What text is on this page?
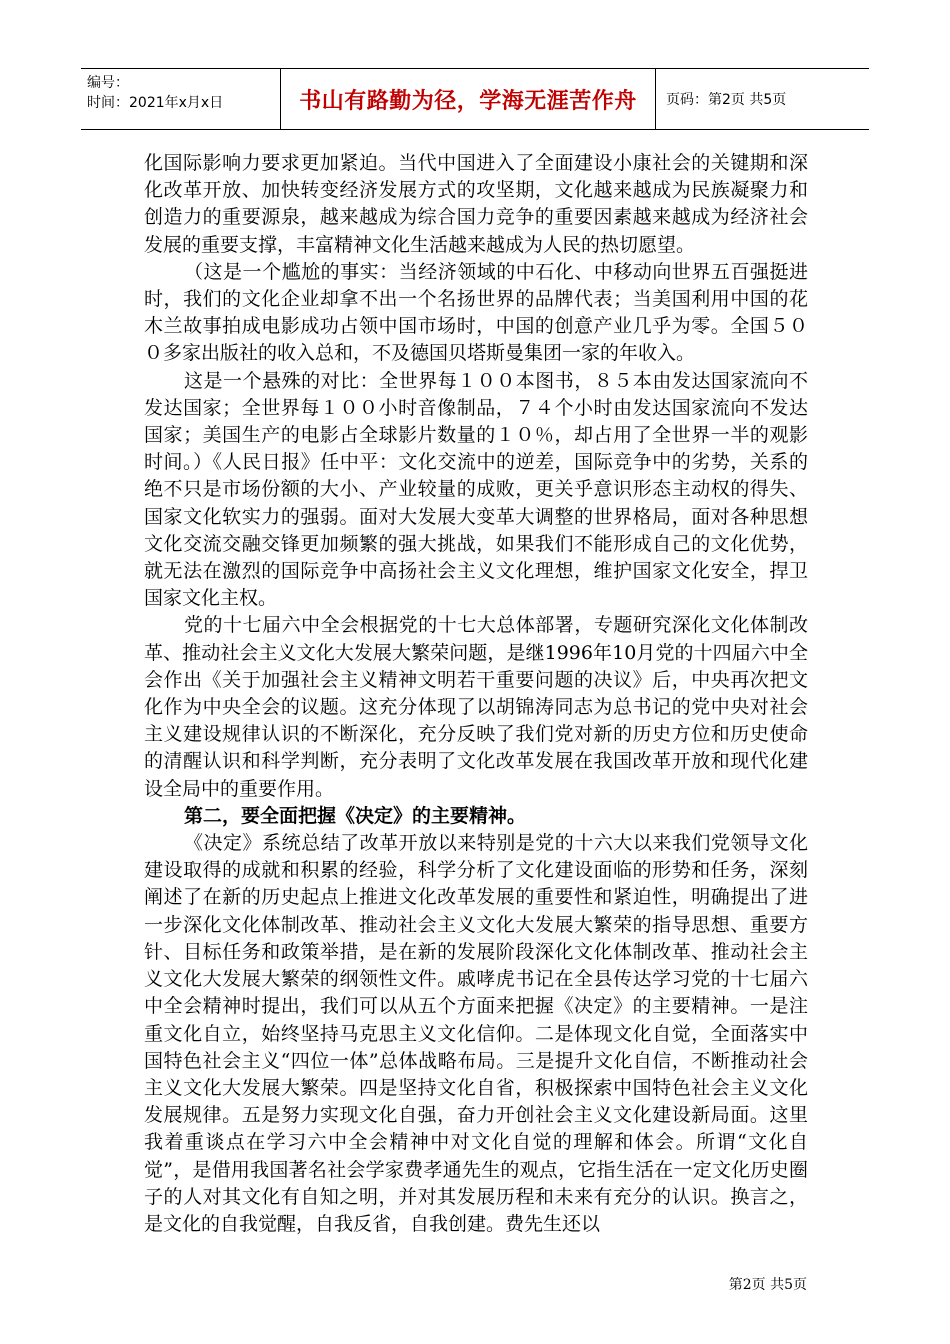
编号：
时间：2021年x月x日	书山有路勤为径，学海无涯苦作舟 页码：第2页 共5页

化国际影响力要求更加紧迫。当代中国进入了全面建设小康社会的关键期和深化改革开放、加快转变经济发展方式的攻坚期，文化越来越成为民族凝聚力和创造力的重要源泉，越来越成为综合国力竞争的重要因素越来越成为经济社会发展的重要支撑，丰富精神文化生活越来越成为人民的热切愿望。

（这是一个尴尬的事实：当经济领域的中石化、中移动向世界五百强挺进时，我们的文化企业却拿不出一个名扬世界的品牌代表；当美国利用中国的花木兰故事拍成电影成功占领中国市场时，中国的创意产业几乎为零。全国５００多家出版社的收入总和，不及德国贝塔斯曼集团一家的年收入。

这是一个悬殊的对比：全世界每１００本图书，８５本由发达国家流向不发达国家；全世界每１００小时音像制品，７４个小时由发达国家流向不发达国家；美国生产的电影占全球影片数量的１０％，却占用了全世界一半的观影时间。）《人民日报》任中平：文化交流中的逆差，国际竞争中的劣势，关系的绝不只是市场份额的大小、产业较量的成败，更关乎意识形态主动权的得失、国家文化软实力的强弱。面对大发展大变革大调整的世界格局，面对各种思想文化交流交融交锋更加频繁的强大挑战，如果我们不能形成自己的文化优势，就无法在激烈的国际竞争中高扬社会主义文化理想，维护国家文化安全，捍卫国家文化主权。

党的十七届六中全会根据党的十七大总体部署，专题研究深化文化体制改革、推动社会主义文化大发展大繁荣问题，是继1996年10月党的十四届六中全会作出《关于加强社会主义精神文明若干重要问题的决议》后，中央再次把文化作为中央全会的议题。这充分体现了以胡锦涛同志为总书记的党中央对社会主义建设规律认识的不断深化，充分反映了我们党对新的历史方位和历史使命的清醒认识和科学判断，充分表明了文化改革发展在我国改革开放和现代化建设全局中的重要作用。

第二，要全面把握《决定》的主要精神。

《决定》系统总结了改革开放以来特别是党的十六大以来我们党领导文化建设取得的成就和积累的经验，科学分析了文化建设面临的形势和任务，深刻阐述了在新的历史起点上推进文化改革发展的重要性和紧迫性，明确提出了进一步深化文化体制改革、推动社会主义文化大发展大繁荣的指导思想、重要方针、目标任务和政策举措，是在新的发展阶段深化文化体制改革、推动社会主义文化大发展大繁荣的纲领性文件。戚哮虎书记在全县传达学习党的十七届六中全会精神时提出，我们可以从五个方面来把握《决定》的主要精神。一是注重文化自立，始终坚持马克思主义文化信仰。二是体现文化自觉，全面落实中国特色社会主义“四位一体”总体战略布局。三是提升文化自信，不断推动社会主义文化大发展大繁荣。四是坚持文化自省，积极探索中国特色社会主义文化发展规律。五是努力实现文化自强，奋力开创社会主义文化建设新局面。这里我着重谈点在学习六中全会精神中对文化自觉的理解和体会。所谓“文化自觉”，是借用我国著名社会学家费孝通先生的观点，它指生活在一定文化历史圈子的人对其文化有自知之明，并对其发展历程和未来有充分的认识。换言之，是文化的自我觉醒，自我反省，自我创建。费先生还以

第2页 共5页
